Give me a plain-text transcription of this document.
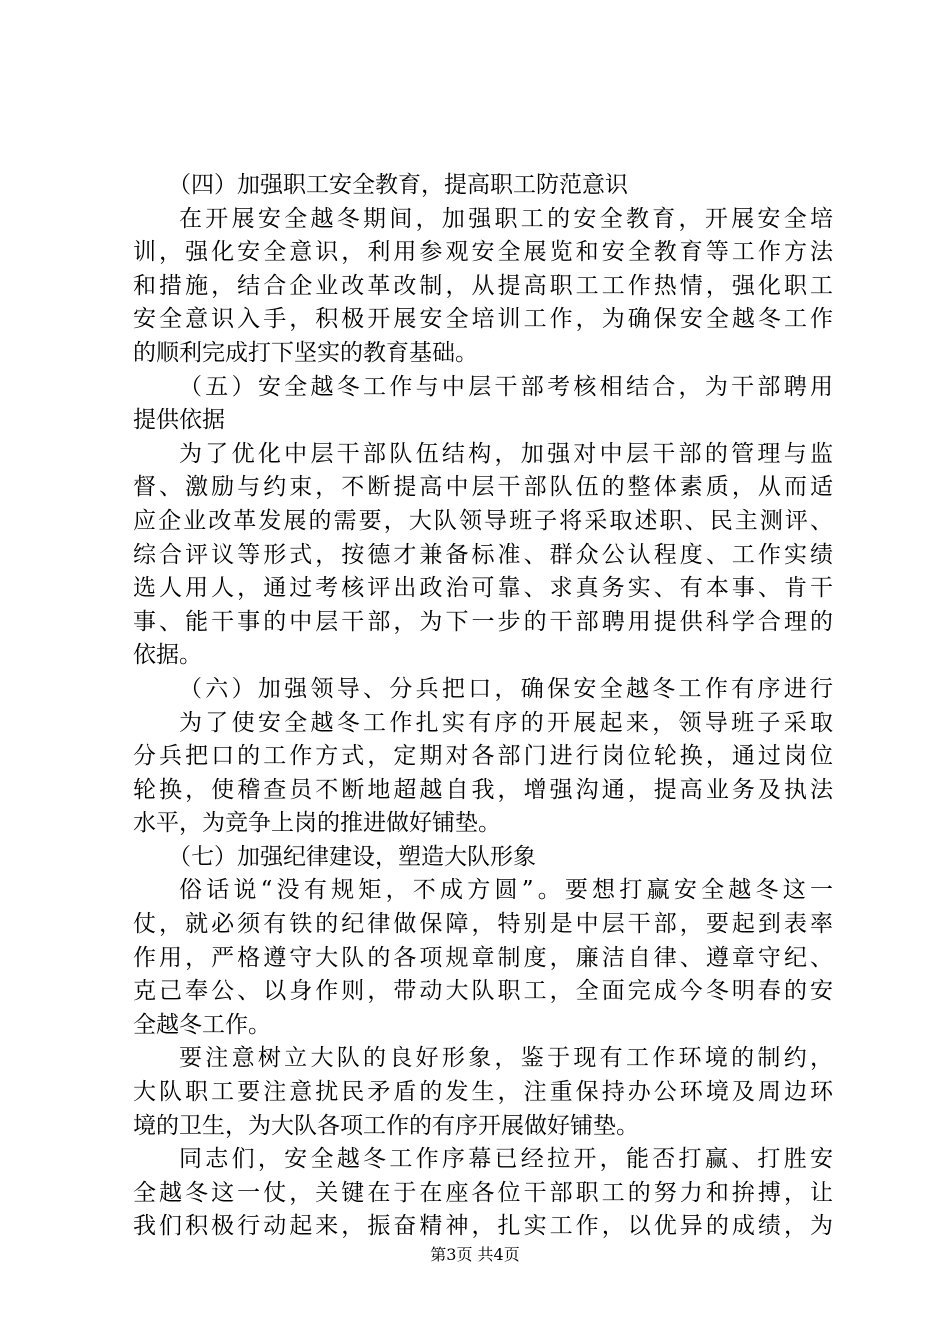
（四）加强职工安全教育，提高职工防范意识
在开展安全越冬期间，加强职工的安全教育，开展安全培
训，强化安全意识，利用参观安全展览和安全教育等工作方法
和措施，结合企业改革改制，从提高职工工作热情，强化职工
安全意识入手，积极开展安全培训工作，为确保安全越冬工作
的顺利完成打下坚实的教育基础。
（五）安全越冬工作与中层干部考核相结合，为干部聘用
提供依据
为了优化中层干部队伍结构，加强对中层干部的管理与监
督、激励与约束，不断提高中层干部队伍的整体素质，从而适
应企业改革发展的需要，大队领导班子将采取述职、民主测评、
综合评议等形式，按德才兼备标准、群众公认程度、工作实绩
选人用人，通过考核评出政治可靠、求真务实、有本事、肯干
事、能干事的中层干部，为下一步的干部聘用提供科学合理的
依据。
（六）加强领导、分兵把口，确保安全越冬工作有序进行
为了使安全越冬工作扎实有序的开展起来，领导班子采取
分兵把口的工作方式，定期对各部门进行岗位轮换，通过岗位
轮换，使稽查员不断地超越自我，增强沟通，提高业务及执法
水平，为竞争上岗的推进做好铺垫。
（七）加强纪律建设，塑造大队形象
俗话说“没有规矩，不成方圆”。要想打赢安全越冬这一
仗，就必须有铁的纪律做保障，特别是中层干部，要起到表率
作用，严格遵守大队的各项规章制度，廉洁自律、遵章守纪、
克己奉公、以身作则，带动大队职工，全面完成今冬明春的安
全越冬工作。
要注意树立大队的良好形象，鉴于现有工作环境的制约，
大队职工要注意扰民矛盾的发生，注重保持办公环境及周边环
境的卫生，为大队各项工作的有序开展做好铺垫。
同志们，安全越冬工作序幕已经拉开，能否打赢、打胜安
全越冬这一仗，关键在于在座各位干部职工的努力和拚搏，让
我们积极行动起来，振奋精神，扎实工作，以优异的成绩，为
第3页 共4页
